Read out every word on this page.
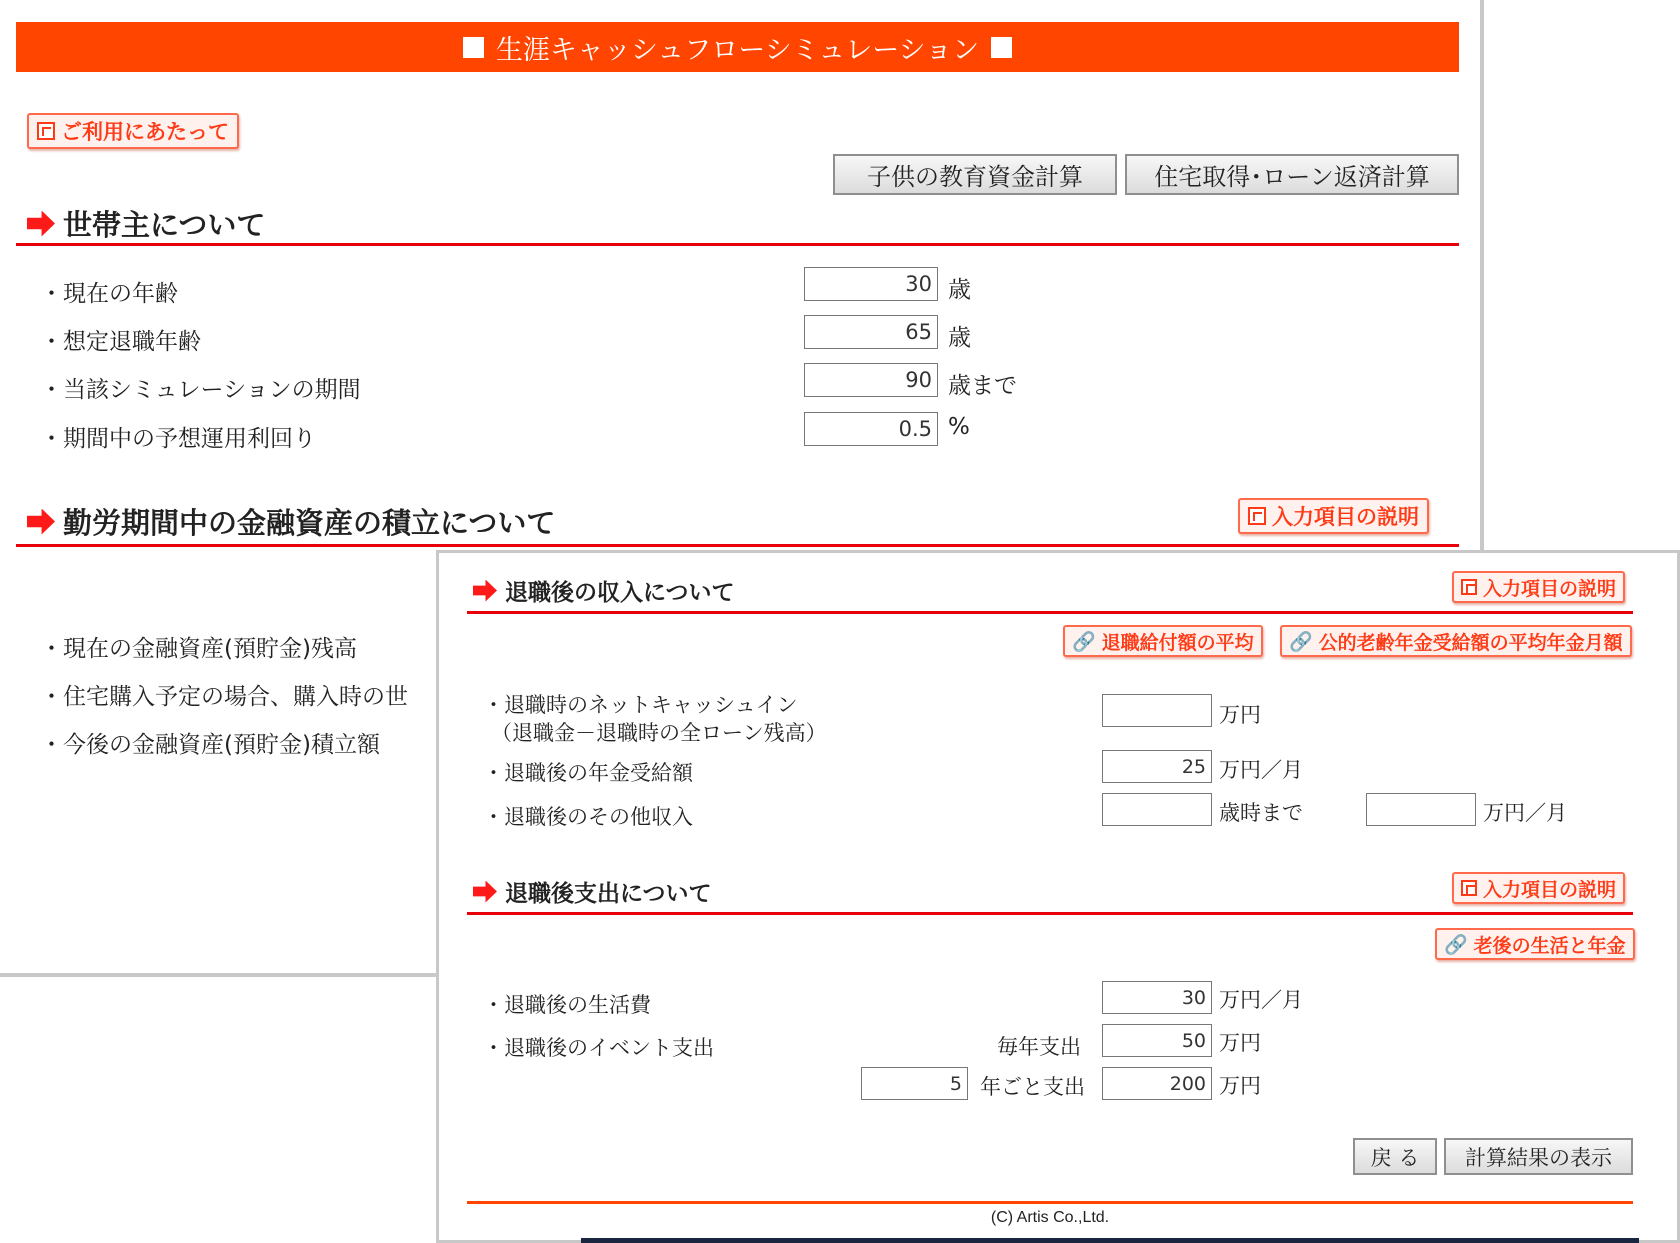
生涯キャッシュフローシミュレーション
ご利用にあたって
子供の教育資金計算	住宅取得･ローン返済計算
世帯主について
・現在の年齢	30 歳
・想定退職年齢	65 歳
・当該シミュレーションの期間	90 歳まで
・期間中の予想運用利回り	0.5 %
勤労期間中の金融資産の積立について	入力項目の説明
・現在の金融資産(預貯金)残高
・住宅購入予定の場合、購入時の世
・今後の金融資産(預貯金)積立額
退職後の収入について	入力項目の説明
🔗 退職給付額の平均 🔗 公的老齢年金受給額の平均年金月額
・退職時のネットキャッシュイン
（退職金－退職時の全ローン残高）
万円
・退職後の年金受給額	25 万円／月
・退職後のその他収入	歳時まで	万円／月
退職後支出について	入力項目の説明
🔗 老後の生活と年金
・退職後の生活費	30 万円／月
・退職後のイベント支出	毎年支出	50 万円
5 年ごと支出	200 万円
戻 る	計算結果の表示
(C) Artis Co.,Ltd.
